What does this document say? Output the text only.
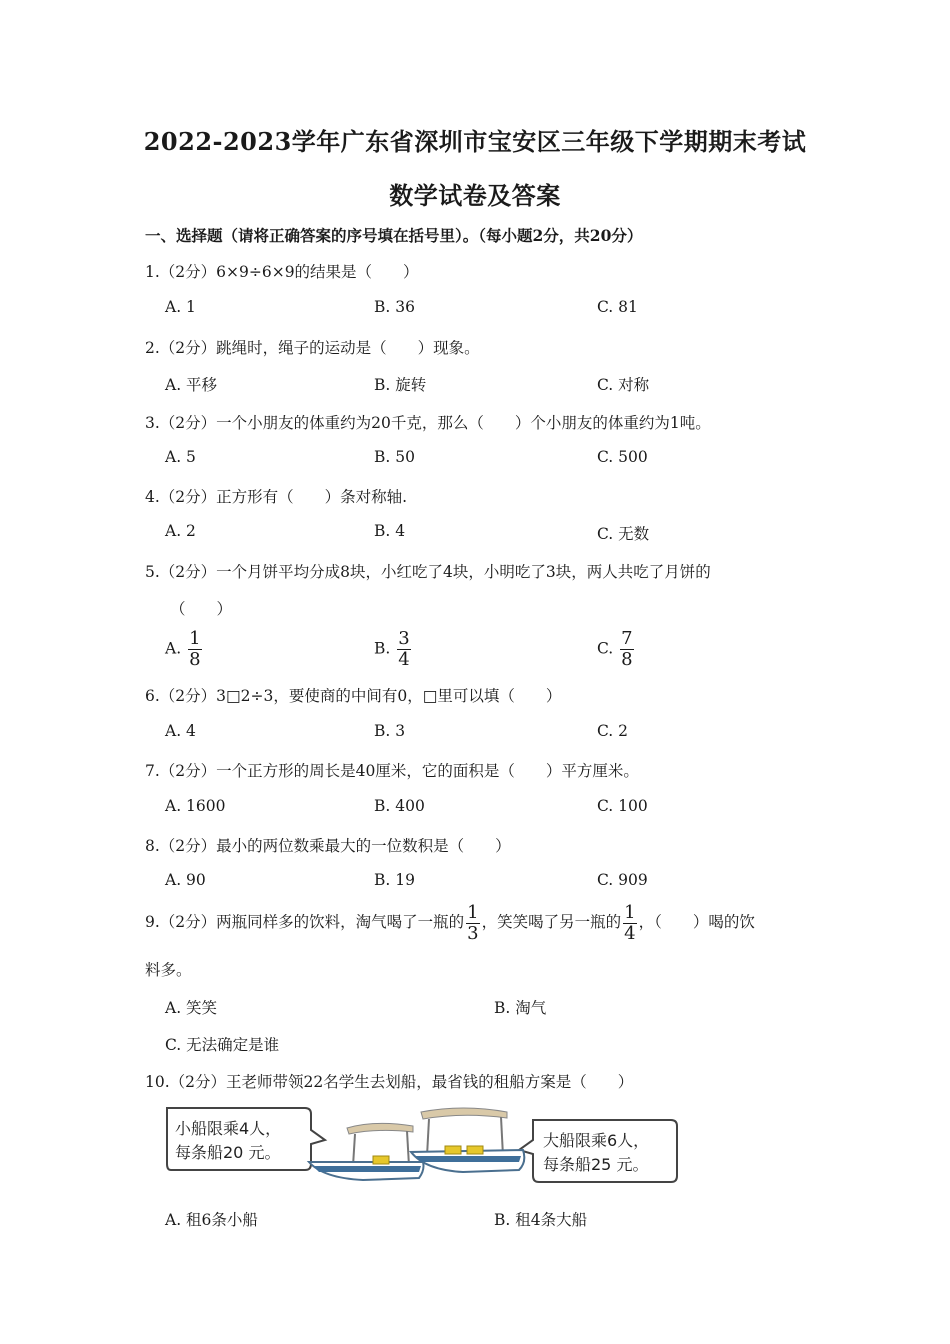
2022-2023学年广东省深圳市宝安区三年级下学期期末考试
数学试卷及答案
一、选择题（请将正确答案的序号填在括号里）。（每小题2分，共20分）
1.（2分）6×9÷6×9的结果是（　　）
A. 1	B. 36	C. 81
2.（2分）跳绳时，绳子的运动是（　　）现象。
A. 平移	B. 旋转	C. 对称
3.（2分）一个小朋友的体重约为20千克，那么（　　）个小朋友的体重约为1吨。
A. 5	B. 50	C. 500
4.（2分）正方形有（　　）条对称轴.
A. 2	B. 4	C. 无数
5.（2分）一个月饼平均分成8块，小红吃了4块，小明吃了3块，两人共吃了月饼的
（　　）
A. $\frac{1}{8}$	B. $\frac{3}{4}$	C. $\frac{7}{8}$
6.（2分）3□2÷3，要使商的中间有0，□里可以填（　　）
A. 4	B. 3	C. 2
7.（2分）一个正方形的周长是40厘米，它的面积是（　　）平方厘米。
A. 1600	B. 400	C. 100
8.（2分）最小的两位数乘最大的一位数积是（　　）
A. 90	B. 19	C. 909
9.（2分）两瓶同样多的饮料，淘气喝了一瓶的 $\frac{1}{3}$ ，笑笑喝了另一瓶的 $\frac{1}{4}$ ，（　　）喝的饮
料多。
A. 笑笑	B. 淘气
C. 无法确定是谁
10.（2分）王老师带领22名学生去划船，最省钱的租船方案是（　　）
小船限乘4人，
每条船20 元。
大船限乘6人，
每条船25 元。
A. 租6条小船	B. 租4条大船
